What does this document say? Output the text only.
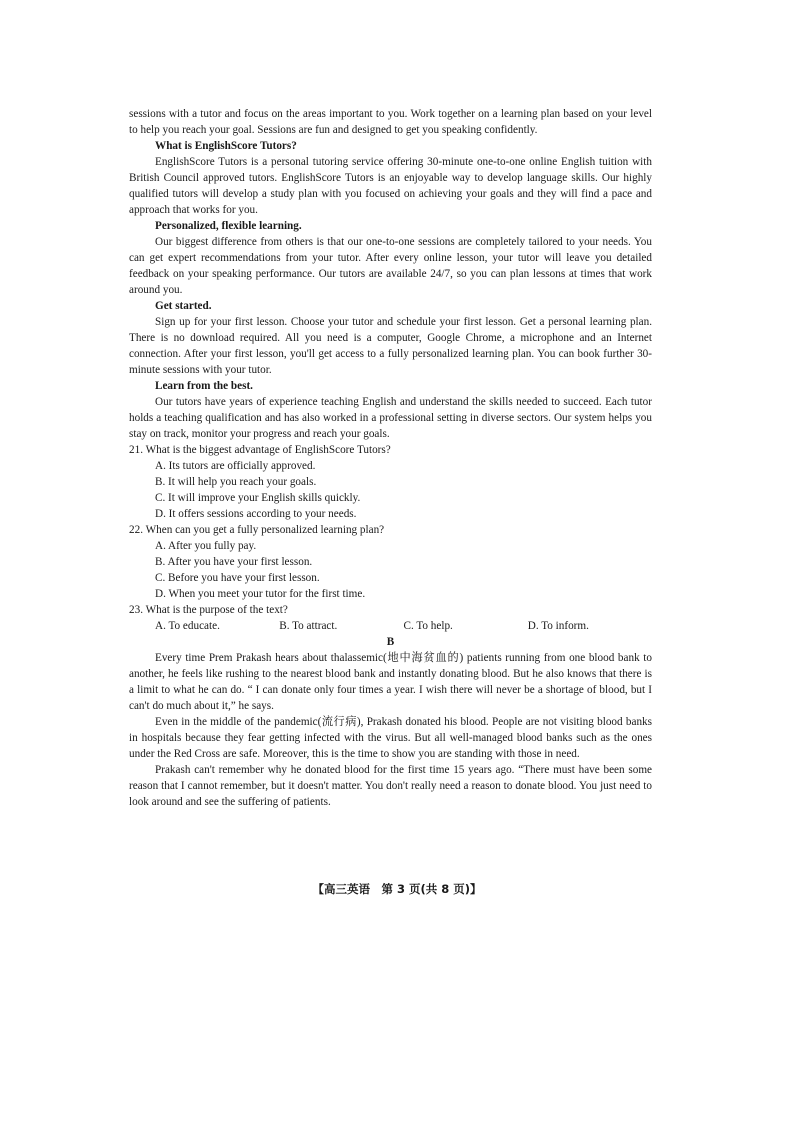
sessions with a tutor and focus on the areas important to you. Work together on a learning plan based on your level to help you reach your goal. Sessions are fun and designed to get you speaking confidently.

What is EnglishScore Tutors?

EnglishScore Tutors is a personal tutoring service offering 30-minute one-to-one online English tuition with British Council approved tutors. EnglishScore Tutors is an enjoyable way to develop language skills. Our highly qualified tutors will develop a study plan with you focused on achieving your goals and they will find a pace and approach that works for you.

Personalized, flexible learning.

Our biggest difference from others is that our one-to-one sessions are completely tailored to your needs. You can get expert recommendations from your tutor. After every online lesson, your tutor will leave you detailed feedback on your speaking performance. Our tutors are available 24/7, so you can plan lessons at times that work around you.

Get started.

Sign up for your first lesson. Choose your tutor and schedule your first lesson. Get a personal learning plan. There is no download required. All you need is a computer, Google Chrome, a microphone and an Internet connection. After your first lesson, you'll get access to a fully personalized learning plan. You can book further 30-minute sessions with your tutor.

Learn from the best.

Our tutors have years of experience teaching English and understand the skills needed to succeed. Each tutor holds a teaching qualification and has also worked in a professional setting in diverse sectors. Our system helps you stay on track, monitor your progress and reach your goals.

21. What is the biggest advantage of EnglishScore Tutors?

A. Its tutors are officially approved.

B. It will help you reach your goals.

C. It will improve your English skills quickly.

D. It offers sessions according to your needs.

22. When can you get a fully personalized learning plan?

A. After you fully pay.

B. After you have your first lesson.

C. Before you have your first lesson.

D. When you meet your tutor for the first time.

23. What is the purpose of the text?

A. To educate.	B. To attract.	C. To help.	D. To inform.

B

Every time Prem Prakash hears about thalassemic(地中海贫血的) patients running from one blood bank to another, he feels like rushing to the nearest blood bank and instantly donating blood. But he also knows that there is a limit to what he can do. “ I can donate only four times a year. I wish there will never be a shortage of blood, but I can't do much about it,” he says.

Even in the middle of the pandemic(流行病), Prakash donated his blood. People are not visiting blood banks in hospitals because they fear getting infected with the virus. But all well-managed blood banks such as the ones under the Red Cross are safe. Moreover, this is the time to show you are standing with those in need.

Prakash can't remember why he donated blood for the first time 15 years ago. “There must have been some reason that I cannot remember, but it doesn't matter. You don't really need a reason to donate blood. You just need to look around and see the suffering of patients.

【高三英语　第 3 页(共 8 页)】
